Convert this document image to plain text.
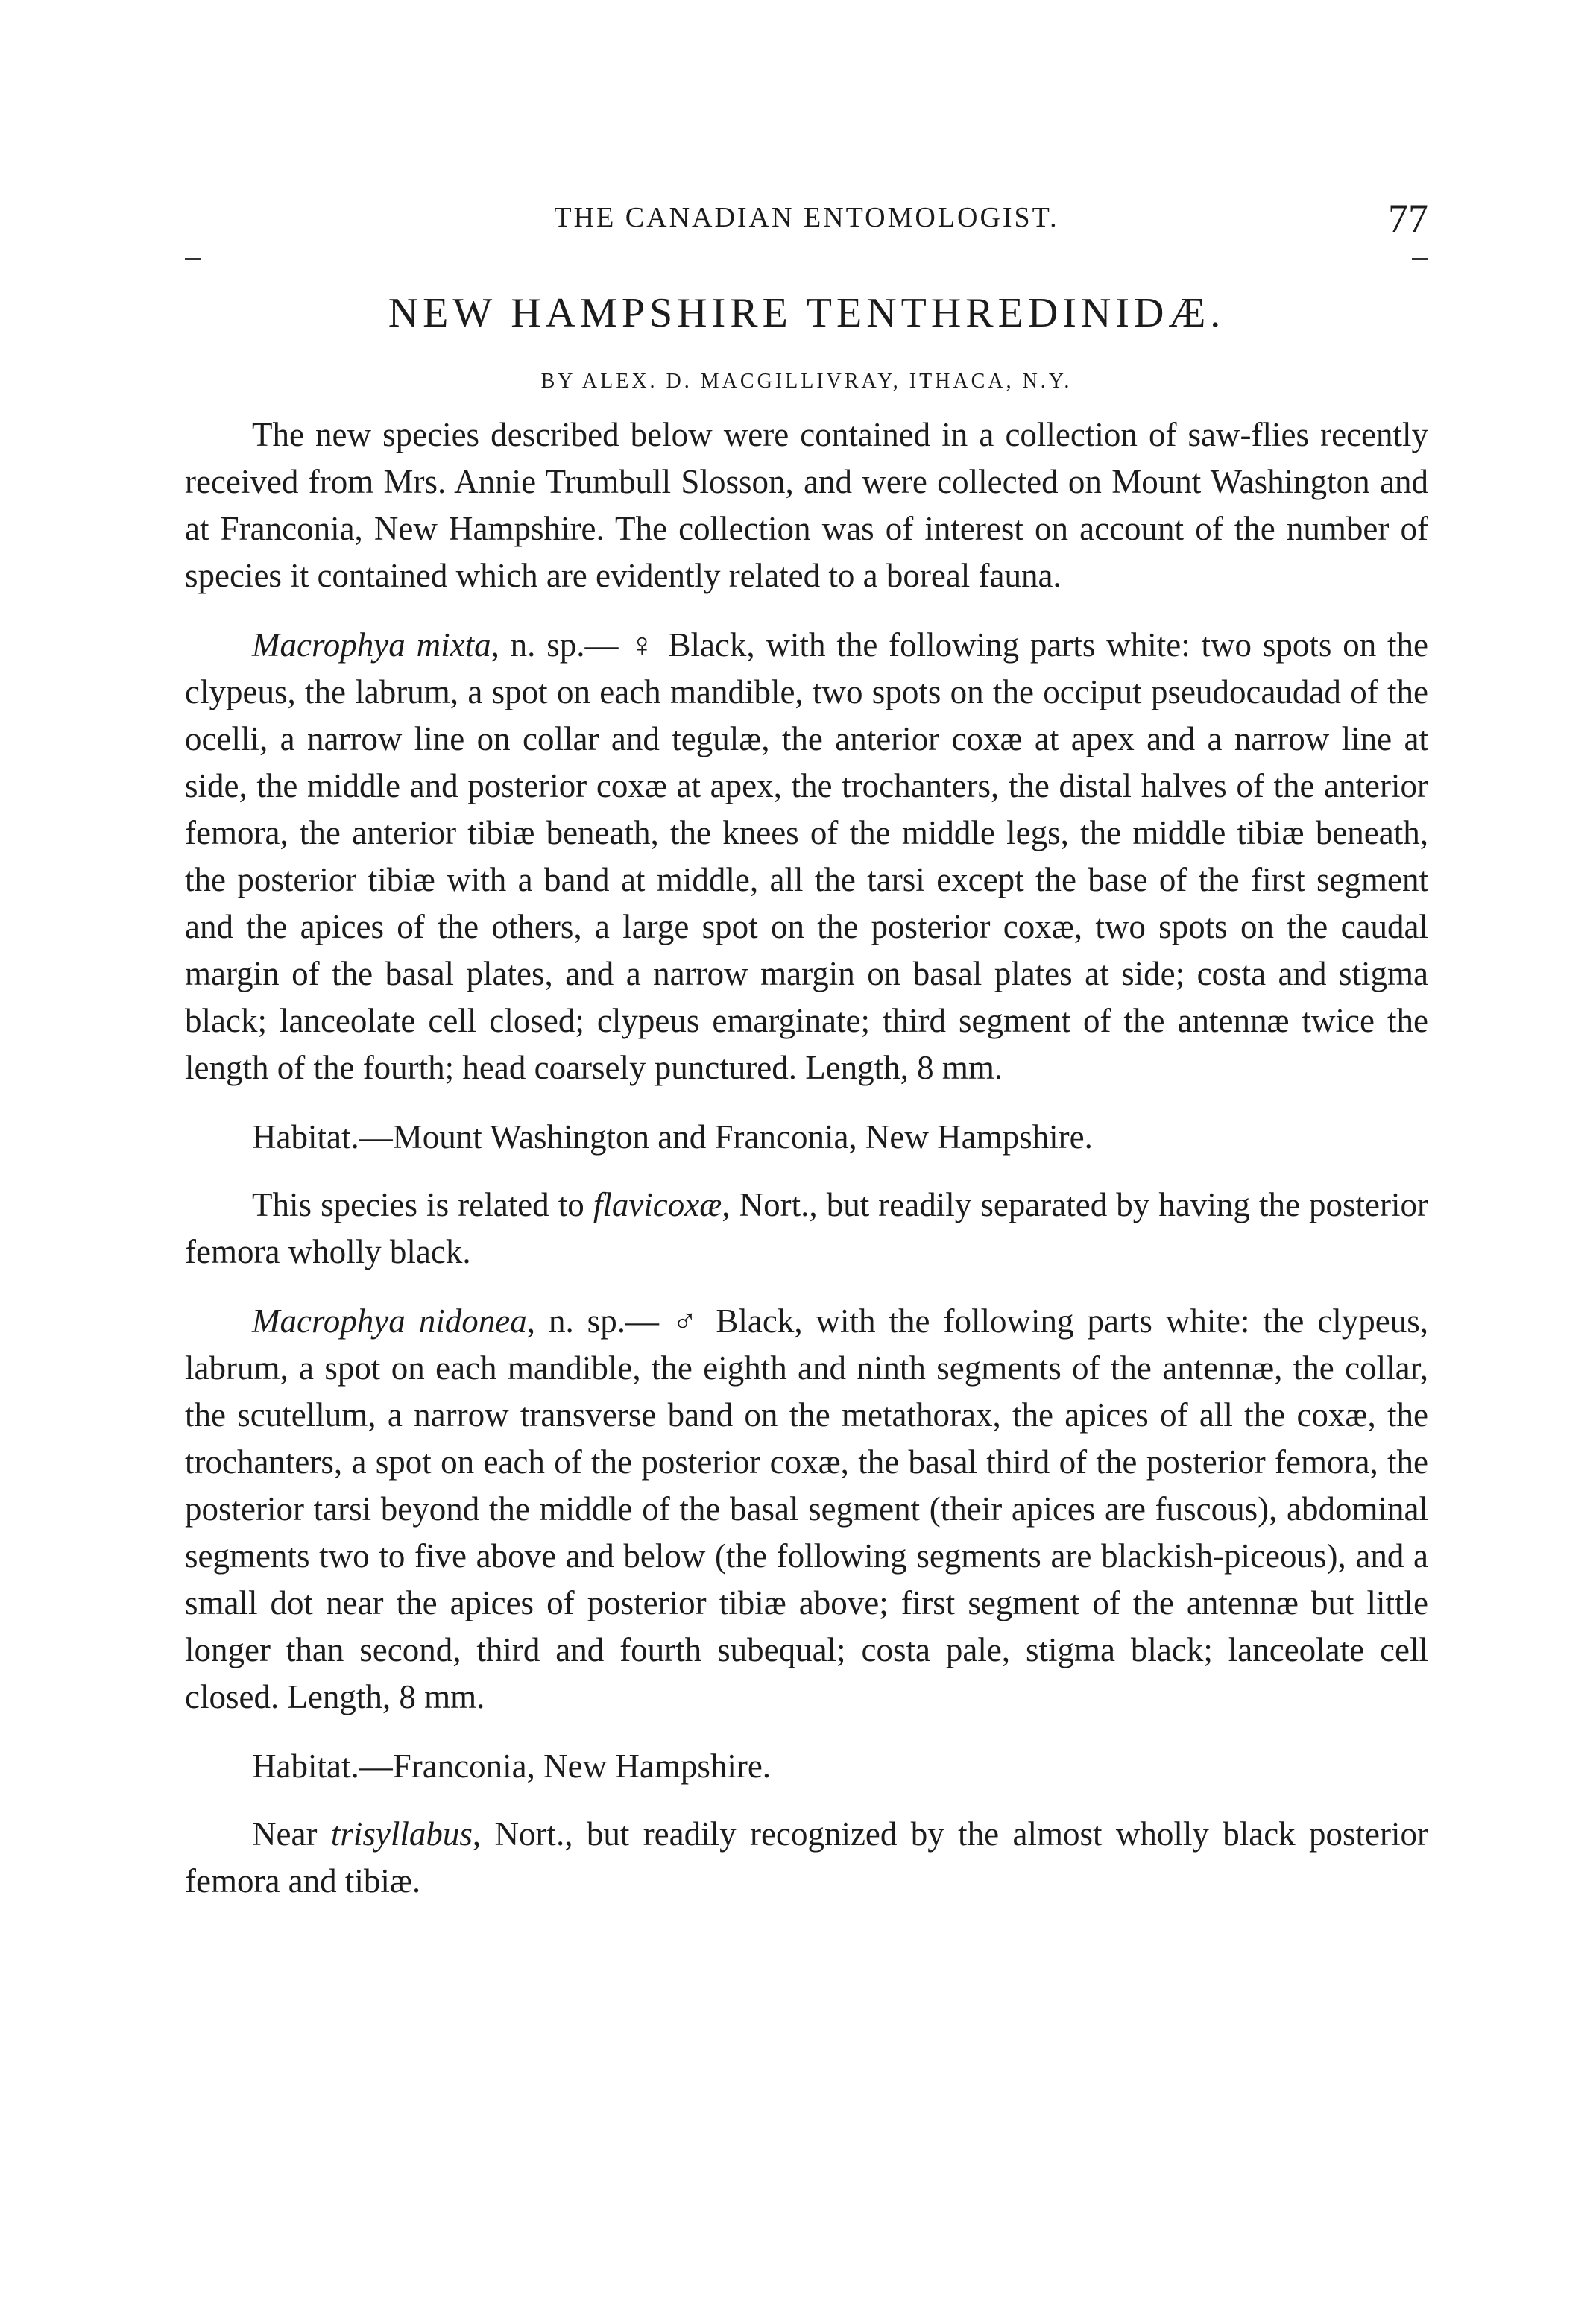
THE CANADIAN ENTOMOLOGIST.	77
NEW HAMPSHIRE TENTHREDINIDÆ.
BY ALEX. D. MACGILLIVRAY, ITHACA, N.Y.

The new species described below were contained in a collection of saw-flies recently received from Mrs. Annie Trumbull Slosson, and were collected on Mount Washington and at Franconia, New Hampshire. The collection was of interest on account of the number of species it contained which are evidently related to a boreal fauna.

Macrophya mixta, n. sp.— ♀ Black, with the following parts white: two spots on the clypeus, the labrum, a spot on each mandible, two spots on the occiput pseudocaudad of the ocelli, a narrow line on collar and tegulæ, the anterior coxæ at apex and a narrow line at side, the middle and posterior coxæ at apex, the trochanters, the distal halves of the anterior femora, the anterior tibiæ beneath, the knees of the middle legs, the middle tibiæ beneath, the posterior tibiæ with a band at middle, all the tarsi except the base of the first segment and the apices of the others, a large spot on the posterior coxæ, two spots on the caudal margin of the basal plates, and a narrow margin on basal plates at side; costa and stigma black; lanceolate cell closed; clypeus emarginate; third segment of the antennæ twice the length of the fourth; head coarsely punctured. Length, 8 mm.

Habitat.—Mount Washington and Franconia, New Hampshire.

This species is related to flavicoxæ, Nort., but readily separated by having the posterior femora wholly black.

Macrophya nidonea, n. sp.— ♂ Black, with the following parts white: the clypeus, labrum, a spot on each mandible, the eighth and ninth segments of the antennæ, the collar, the scutellum, a narrow transverse band on the metathorax, the apices of all the coxæ, the trochanters, a spot on each of the posterior coxæ, the basal third of the posterior femora, the posterior tarsi beyond the middle of the basal segment (their apices are fuscous), abdominal segments two to five above and below (the following segments are blackish-piceous), and a small dot near the apices of posterior tibiæ above; first segment of the antennæ but little longer than second, third and fourth subequal; costa pale, stigma black; lanceolate cell closed. Length, 8 mm.

Habitat.—Franconia, New Hampshire.

Near trisyllabus, Nort., but readily recognized by the almost wholly black posterior femora and tibiæ.
